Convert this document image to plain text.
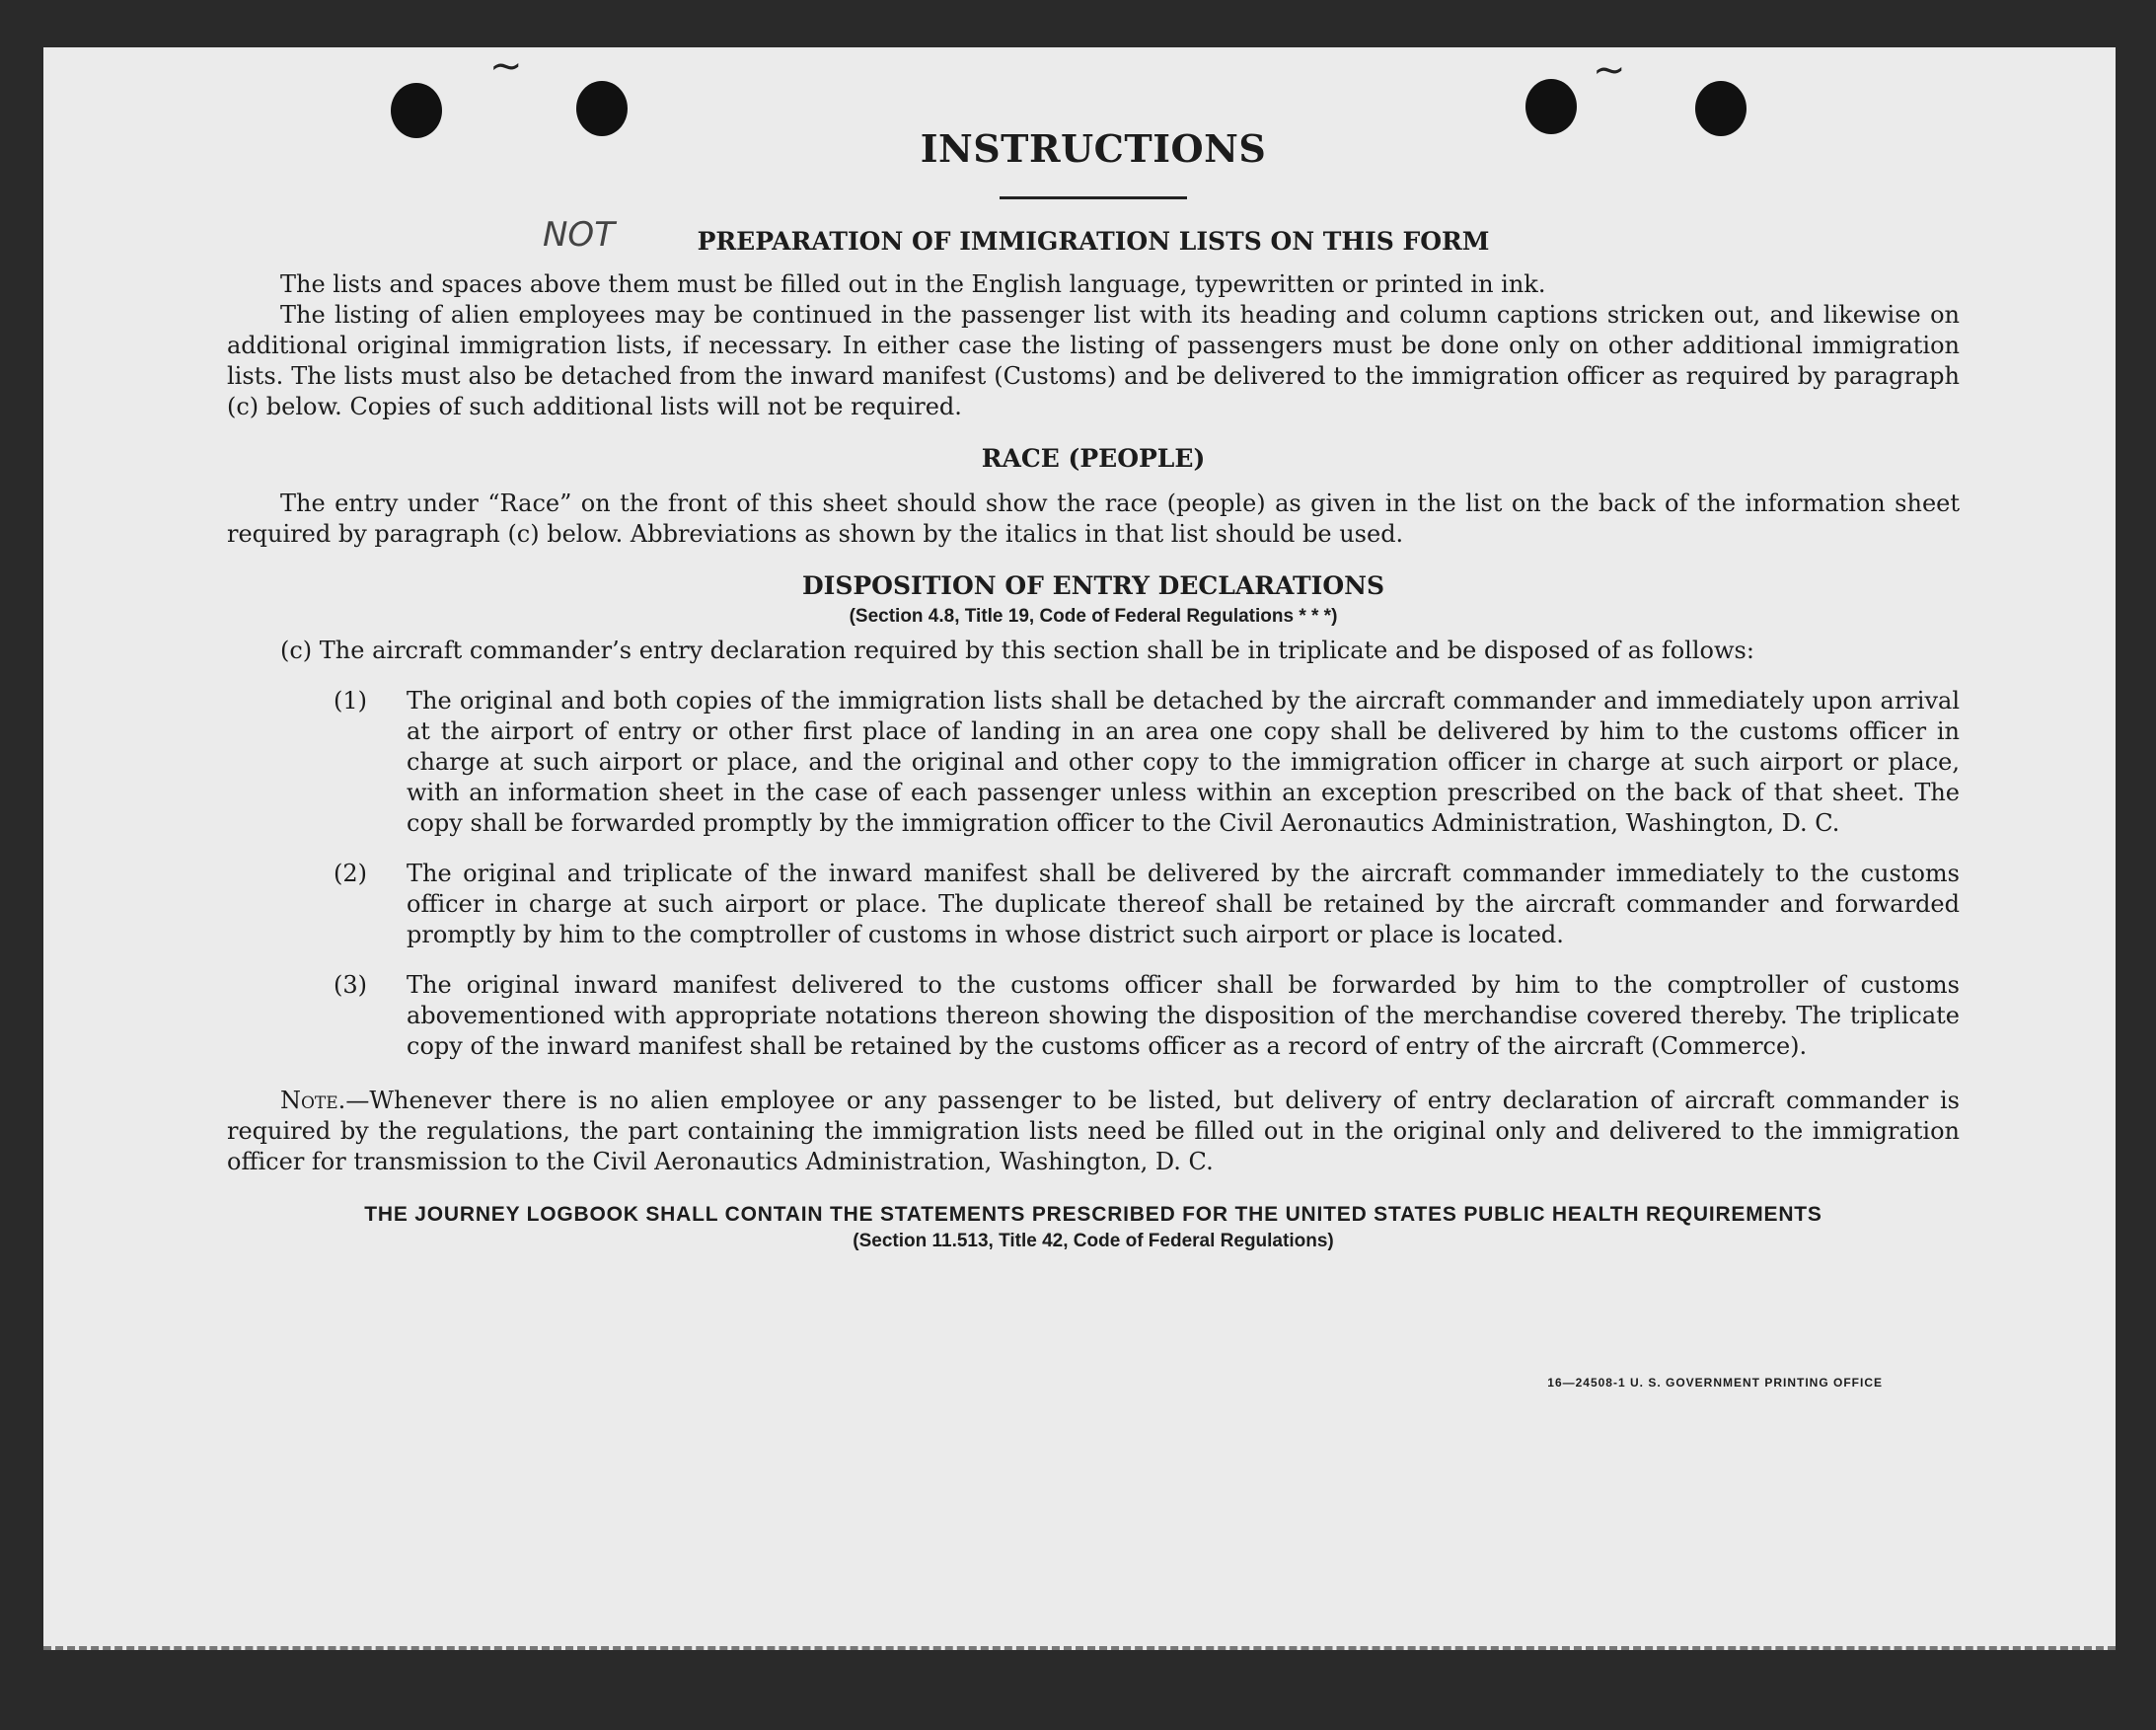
~	~
INSTRUCTIONS
NOT	PREPARATION OF IMMIGRATION LISTS ON THIS FORM

The lists and spaces above them must be filled out in the English language, typewritten or printed in ink.

The listing of alien employees may be continued in the passenger list with its heading and column captions stricken out, and likewise on additional original immigration lists, if necessary. In either case the listing of passengers must be done only on other additional immigration lists. The lists must also be detached from the inward manifest (Customs) and be delivered to the immigration officer as required by paragraph (c) below. Copies of such additional lists will not be required.

RACE (PEOPLE)

The entry under “Race” on the front of this sheet should show the race (people) as given in the list on the back of the information sheet required by paragraph (c) below. Abbreviations as shown by the italics in that list should be used.

DISPOSITION OF ENTRY DECLARATIONS
(Section 4.8, Title 19, Code of Federal Regulations * * *)

(c) The aircraft commander’s entry declaration required by this section shall be in triplicate and be disposed of as follows:

(1) The original and both copies of the immigration lists shall be detached by the aircraft commander and immediately upon arrival at the airport of entry or other first place of landing in an area one copy shall be delivered by him to the customs officer in charge at such airport or place, and the original and other copy to the immigration officer in charge at such airport or place, with an information sheet in the case of each passenger unless within an exception prescribed on the back of that sheet. The copy shall be forwarded promptly by the immigration officer to the Civil Aeronautics Administration, Washington, D. C.
(2) The original and triplicate of the inward manifest shall be delivered by the aircraft commander immediately to the customs officer in charge at such airport or place. The duplicate thereof shall be retained by the aircraft commander and forwarded promptly by him to the comptroller of customs in whose district such airport or place is located.
(3) The original inward manifest delivered to the customs officer shall be forwarded by him to the comptroller of customs abovementioned with appropriate notations thereon showing the disposition of the merchandise covered thereby. The triplicate copy of the inward manifest shall be retained by the customs officer as a record of entry of the aircraft (Commerce).

Note.—Whenever there is no alien employee or any passenger to be listed, but delivery of entry declaration of aircraft commander is required by the regulations, the part containing the immigration lists need be filled out in the original only and delivered to the immigration officer for transmission to the Civil Aeronautics Administration, Washington, D. C.

THE JOURNEY LOGBOOK SHALL CONTAIN THE STATEMENTS PRESCRIBED FOR THE UNITED STATES PUBLIC HEALTH REQUIREMENTS
(Section 11.513, Title 42, Code of Federal Regulations)
16—24508-1 U. S. GOVERNMENT PRINTING OFFICE
